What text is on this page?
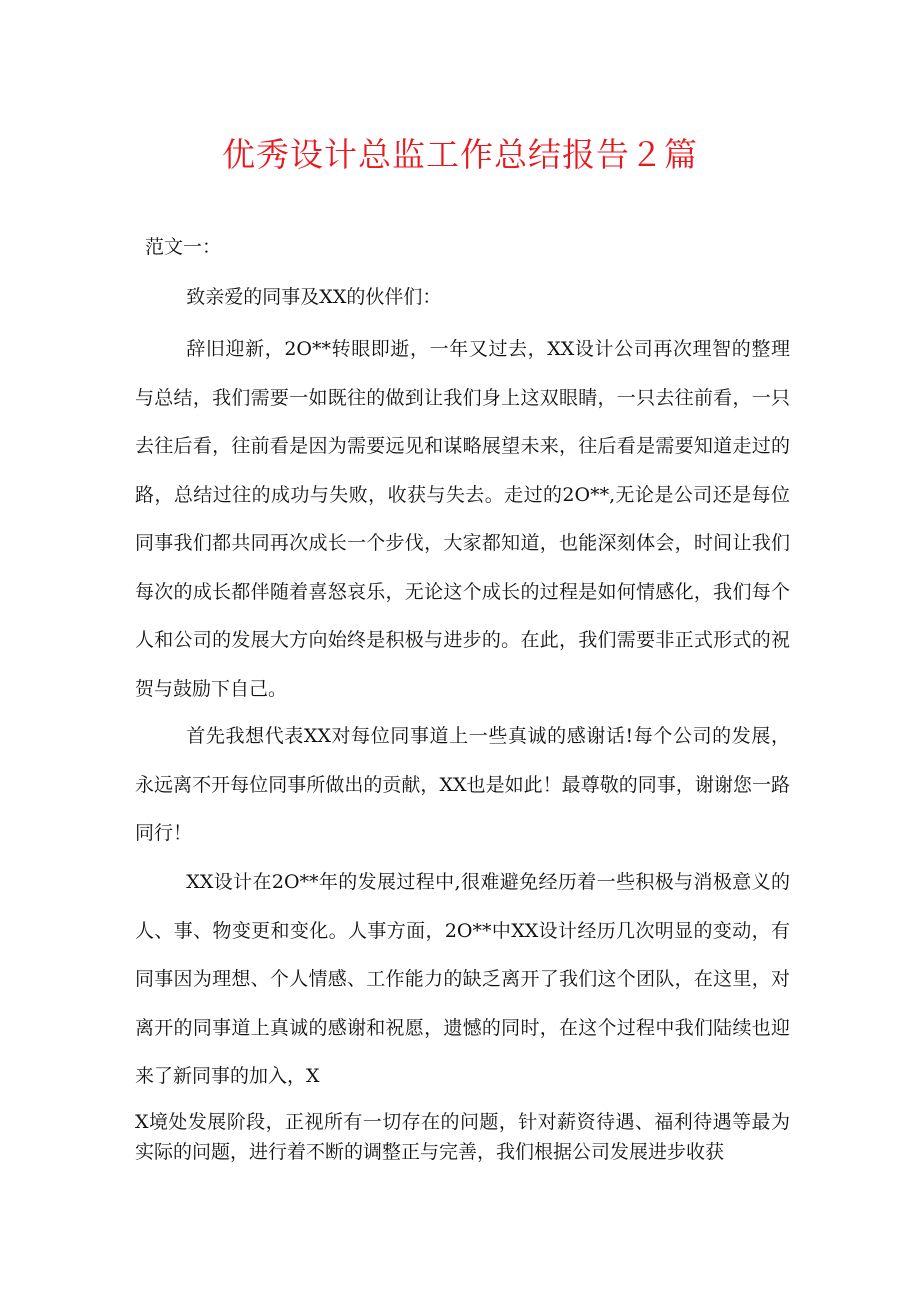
优秀设计总监工作总结报告２篇

范文一：

致亲爱的同事及XX的伙伴们：

辞旧迎新，2O**转眼即逝，一年又过去，XX设计公司再次理智的整理与总结，我们需要一如既往的做到让我们身上这双眼睛，一只去往前看，一只去往后看，往前看是因为需要远见和谋略展望未来，往后看是需要知道走过的路，总结过往的成功与失败，收获与失去。走过的2O**,无论是公司还是每位同事我们都共同再次成长一个步伐，大家都知道，也能深刻体会，时间让我们每次的成长都伴随着喜怒哀乐，无论这个成长的过程是如何情感化，我们每个人和公司的发展大方向始终是积极与进步的。在此，我们需要非正式形式的祝贺与鼓励下自己。

首先我想代表XX对每位同事道上一些真诚的感谢话!每个公司的发展，永远离不开每位同事所做出的贡献，XX也是如此！最尊敬的同事，谢谢您一路同行！

XX设计在2O**年的发展过程中,很难避免经历着一些积极与消极意义的人、事、物变更和变化。人事方面，2O**中XX设计经历几次明显的变动，有同事因为理想、个人情感、工作能力的缺乏离开了我们这个团队，在这里，对离开的同事道上真诚的感谢和祝愿，遗憾的同时，在这个过程中我们陆续也迎来了新同事的加入，X

X境处发展阶段，正视所有一切存在的问题，针对薪资待遇、福利待遇等最为实际的问题，进行着不断的调整正与完善，我们根据公司发展进步收获
